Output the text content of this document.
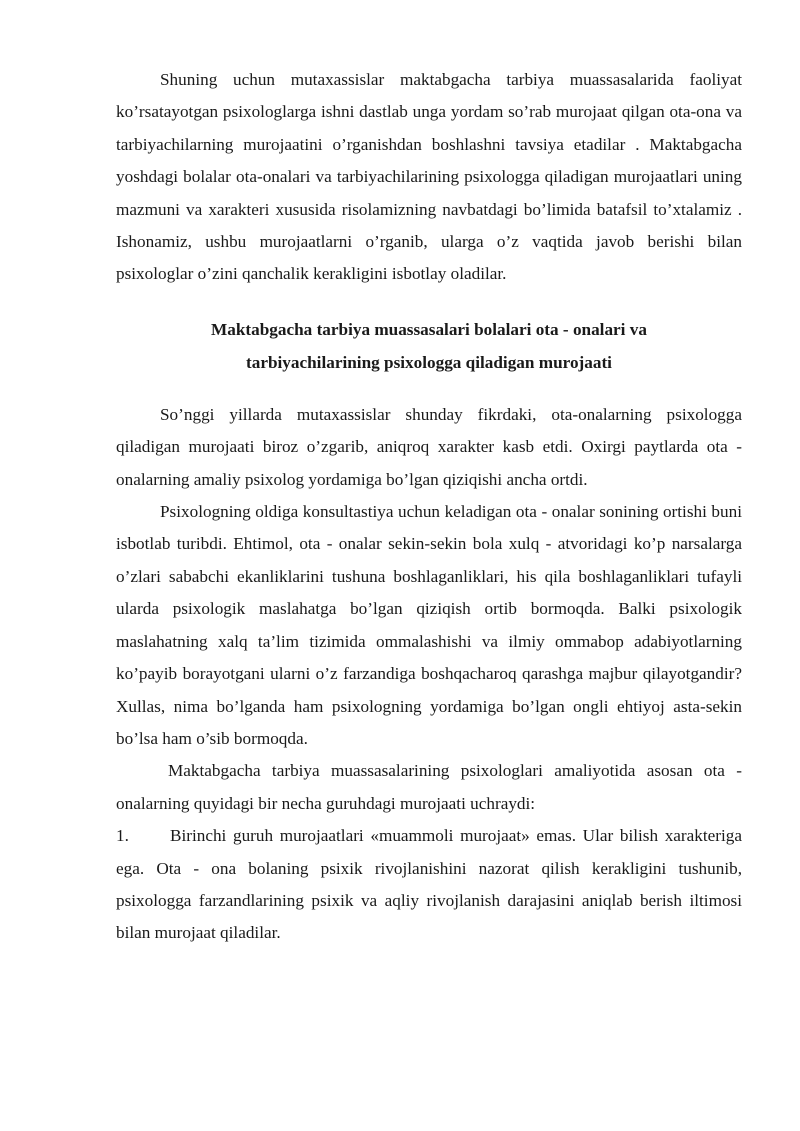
Shuning uchun mutaxassislar maktabgacha tarbiya muassasalarida faoliyat ko’rsatayotgan psixologlarga ishni dastlab unga yordam so’rab murojaat qilgan ota-ona va tarbiyachilarning murojaatini o’rganishdan boshlashni tavsiya etadilar . Maktabgacha yoshdagi bolalar ota-onalari va tarbiyachilarining psixologga qiladigan murojaatlari uning mazmuni va xarakteri xususida risolamizning navbatdagi bo’limida batafsil to’xtalamiz . Ishonamiz, ushbu murojaatlarni o’rganib, ularga o’z vaqtida javob berishi bilan psixologlar o’zini qanchalik kerakligini isbotlay oladilar.

Maktabgacha tarbiya muassasalari bolalari ota - onalari va
tarbiyachilarining psixologga qiladigan murojaati

So’nggi yillarda mutaxassislar shunday fikrdaki, ota-onalarning psixologga qiladigan murojaati biroz o’zgarib, aniqroq xarakter kasb etdi. Oxirgi paytlarda ota - onalarning amaliy psixolog yordamiga bo’lgan qiziqishi ancha ortdi.

Psixologning oldiga konsultastiya uchun keladigan ota - onalar sonining ortishi buni isbotlab turibdi. Ehtimol, ota - onalar sekin-sekin bola xulq - atvoridagi ko’p narsalarga o’zlari sababchi ekanliklarini tushuna boshlaganliklari, his qila boshlaganliklari tufayli ularda psixologik maslahatga bo’lgan qiziqish ortib bormoqda. Balki psixologik maslahatning xalq ta’lim tizimida ommalashishi va ilmiy ommabop adabiyotlarning ko’payib borayotgani ularni o’z farzandiga boshqacharoq qarashga majbur qilayotgandir? Xullas, nima bo’lganda ham psixologning yordamiga bo’lgan ongli ehtiyoj asta-sekin bo’lsa ham o’sib bormoqda.

Maktabgacha tarbiya muassasalarining psixologlari amaliyotida asosan ota - onalarning quyidagi bir necha guruhdagi murojaati uchraydi:

1. Birinchi guruh murojaatlari «muammoli murojaat» emas. Ular bilish xarakteriga ega. Ota - ona bolaning psixik rivojlanishini nazorat qilish kerakligini tushunib, psixologga farzandlarining psixik va aqliy rivojlanish darajasini aniqlab berish iltimosi bilan murojaat qiladilar.
